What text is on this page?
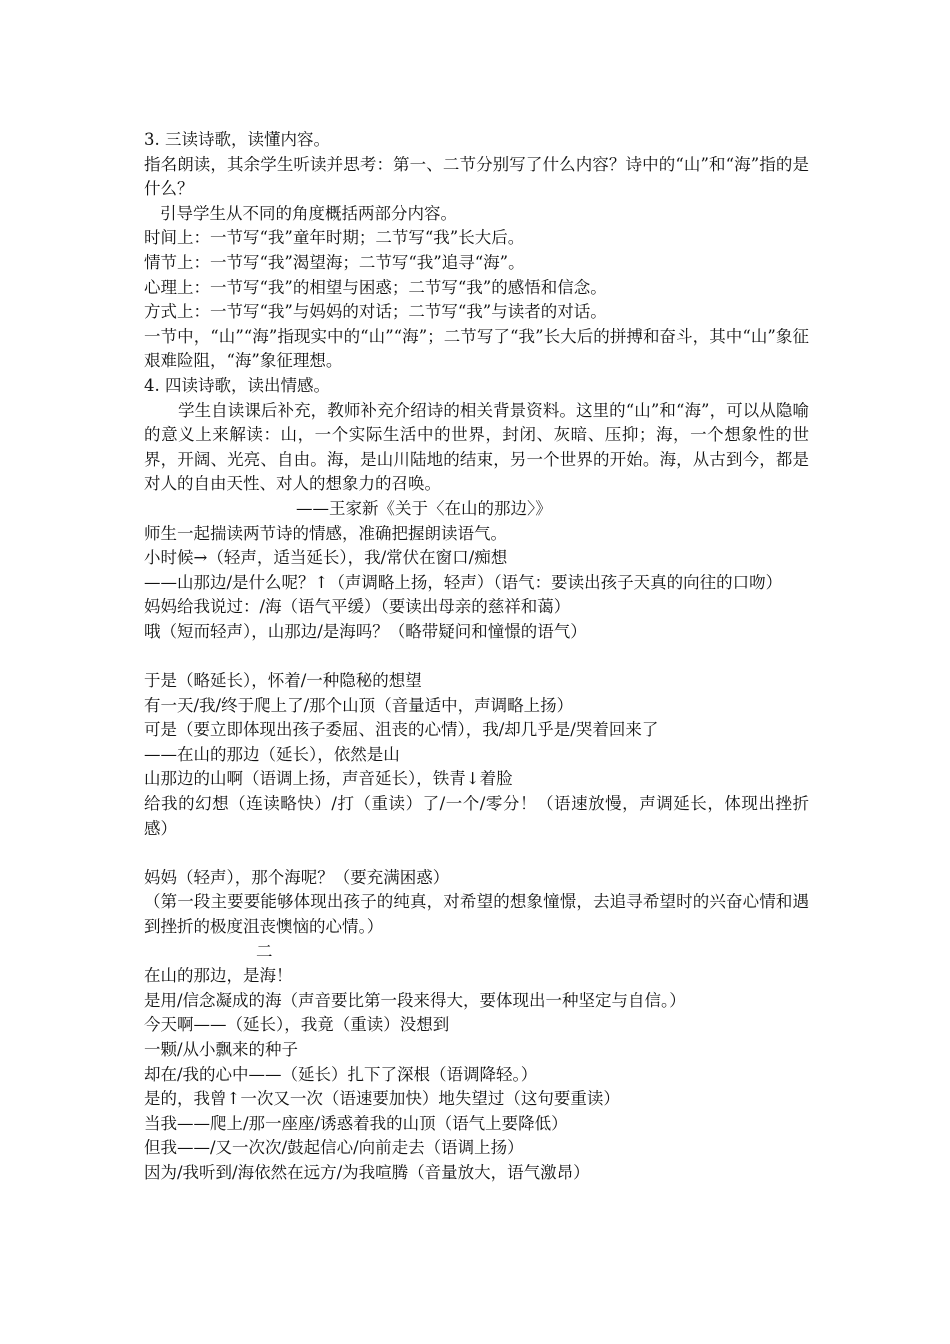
3. 三读诗歌，读懂内容。

指名朗读，其余学生听读并思考：第一、二节分别写了什么内容？诗中的“山”和“海”指的是什么？

引导学生从不同的角度概括两部分内容。

时间上：一节写“我”童年时期；二节写“我”长大后。

情节上：一节写“我”渴望海；二节写“我”追寻“海”。

心理上：一节写“我”的相望与困惑；二节写“我”的感悟和信念。

方式上：一节写“我”与妈妈的对话；二节写“我”与读者的对话。

一节中，“山”“海”指现实中的“山”“海”；二节写了“我”长大后的拼搏和奋斗，其中“山”象征艰难险阻，“海”象征理想。

4. 四读诗歌，读出情感。

学生自读课后补充，教师补充介绍诗的相关背景资料。这里的“山”和“海”，可以从隐喻的意义上来解读：山，一个实际生活中的世界，封闭、灰暗、压抑；海，一个想象性的世界，开阔、光亮、自由。海，是山川陆地的结束，另一个世界的开始。海，从古到今，都是对人的自由天性、对人的想象力的召唤。

——王家新《关于〈在山的那边〉》

师生一起揣读两节诗的情感，准确把握朗读语气。

小时候→（轻声，适当延长），我/常伏在窗口/痴想

——山那边/是什么呢？↑（声调略上扬，轻声）（语气：要读出孩子天真的向往的口吻）

妈妈给我说过：/海（语气平缓）（要读出母亲的慈祥和蔼）

哦（短而轻声），山那边/是海吗？（略带疑问和憧憬的语气）

于是（略延长），怀着/一种隐秘的想望

有一天/我/终于爬上了/那个山顶（音量适中，声调略上扬）

可是（要立即体现出孩子委屈、沮丧的心情），我/却几乎是/哭着回来了

——在山的那边（延长），依然是山

山那边的山啊（语调上扬，声音延长），铁青↓着脸

给我的幻想（连读略快）/打（重读）了/一个/零分！（语速放慢，声调延长，体现出挫折感）

妈妈（轻声），那个海呢？（要充满困惑）

（第一段主要要能够体现出孩子的纯真，对希望的想象憧憬，去追寻希望时的兴奋心情和遇到挫折的极度沮丧懊恼的心情。）

二

在山的那边，是海！

是用/信念凝成的海（声音要比第一段来得大，要体现出一种坚定与自信。）

今天啊——（延长），我竟（重读）没想到

一颗/从小飘来的种子

却在/我的心中——（延长）扎下了深根（语调降轻。）

是的，我曾↑一次又一次（语速要加快）地失望过（这句要重读）

当我——爬上/那一座座/诱惑着我的山顶（语气上要降低）

但我——/又一次次/鼓起信心/向前走去（语调上扬）

因为/我听到/海依然在远方/为我喧腾（音量放大，语气激昂）
